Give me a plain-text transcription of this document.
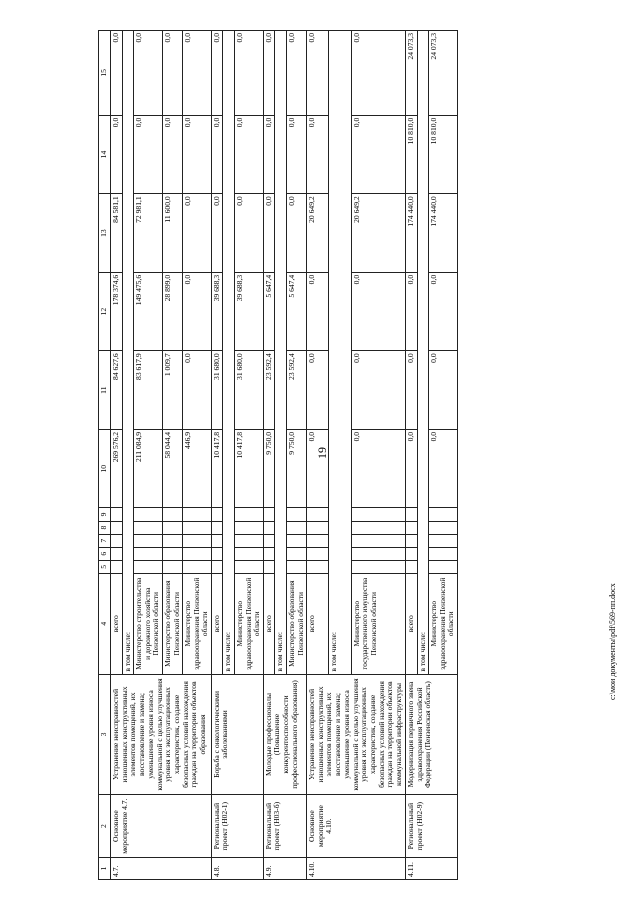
19
1	2	3	4	5	6	7	8	9	10	11	12	13	14	15
4.7.	Основное мероприятие 4.7.	Устранение неисправностей изношенных конструктивных элементов помещений, их восстановление и замена; уменьшение уровня износа коммунальной с целью улучшения уровня их эксплуатационных характеристик, создание безопасных условий нахождения граждан на территории объектов образования	всего						269 576,2	84 627,6	178 374,6	84 581,1	0,0	0,0
			в том числе:											
			Министерство строительства и дорожного хозяйства Пензенской области						211 084,9	83 617,9	149 475,6	72 981,1	0,0	0,0
			Министерство образования Пензенской области						58 044,4	1 009,7	28 899,0	11 600,0	0,0	0,0
			Министерство здравоохранения Пензенской области						446,9	0,0	0,0	0,0	0,0	0,0
4.8.	Региональный проект (Н02-1)	Борьба с онкологическими заболеваниями	всего						10 417,8	31 680,0	39 688,3	0,0	0,0	0,0
			в том числе:											
			Министерство здравоохранения Пензенской области						10 417,8	31 680,0	39 688,3	0,0	0,0	0,0
4.9.	Региональный проект (Н03-б)	Молодые профессионалы (Повышение конкурентоспособности профессионального образования)	всего						9 750,0	23 592,4	5 647,4	0,0	0,0	0,0
			в том числе:											
			Министерство образования Пензенской области						9 750,0	23 592,4	5 647,4	0,0	0,0	0,0
4.10.	Основное мероприятие 4.10.	Устранение неисправностей изношенных конструктивных элементов помещений, их восстановление и замена; уменьшение уровня износа коммунальной с целью улучшения уровня их эксплуатационных характеристик, создание безопасных условий нахождения граждан на территории объектов коммунальной инфраструктуры	всего						0,0	0,0	0,0	20 649,2	0,0	0,0
			в том числе:											
			Министерство государственного имущества Пензенской области						0,0	0,0	0,0	20 649,2	0,0	0,0
4.11.	Региональный проект (Н02-9)	Модернизация первичного звена здравоохранения Российской Федерации (Пензенская область)	всего						0,0	0,0	0,0	174 440,0	10 810,0	24 073,3
			в том числе:											
			Министерство здравоохранения Пензенской области						0,0	0,0	0,0	174 440,0	10 810,0	24 073,3
c:\мои документы\pdf\569-пп.docx
